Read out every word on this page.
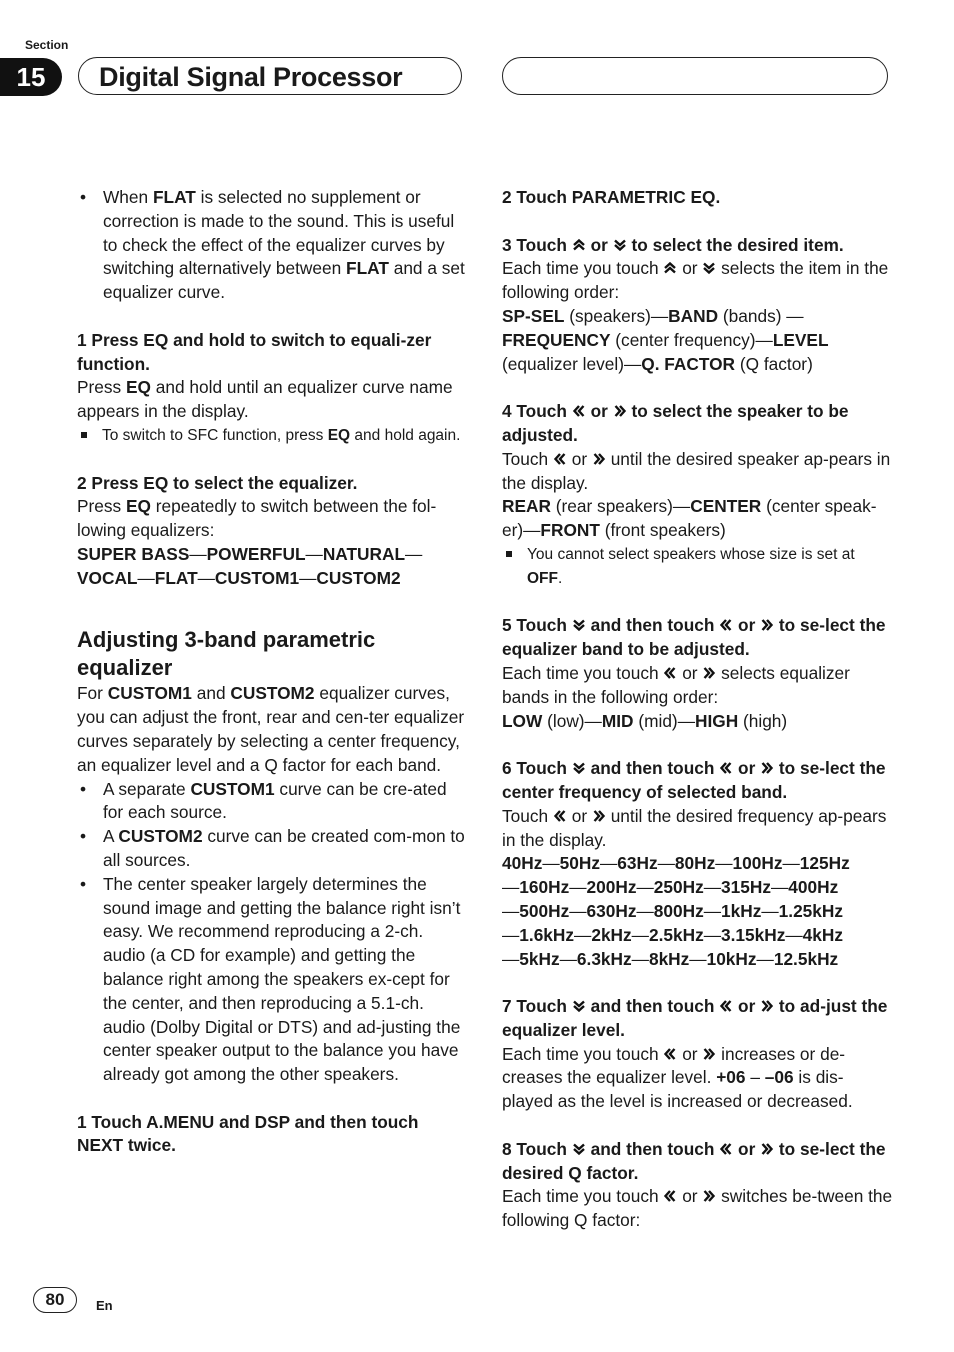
Section
15	Digital Signal Processor

• When FLAT is selected no supplement or correction is made to the sound. This is useful to check the effect of the equalizer curves by switching alternatively between FLAT and a set equalizer curve.

1 Press EQ and hold to switch to equali-zer function.

Press EQ and hold until an equalizer curve name appears in the display.

To switch to SFC function, press EQ and hold again.

2 Press EQ to select the equalizer.

Press EQ repeatedly to switch between the fol-lowing equalizers:

SUPER BASS—POWERFUL—NATURAL—
VOCAL—FLAT—CUSTOM1—CUSTOM2

Adjusting 3-band parametric equalizer

For CUSTOM1 and CUSTOM2 equalizer curves, you can adjust the front, rear and cen-ter equalizer curves separately by selecting a center frequency, an equalizer level and a Q factor for each band.

• A separate CUSTOM1 curve can be cre-ated for each source.

• A CUSTOM2 curve can be created com-mon to all sources.

• The center speaker largely determines the sound image and getting the balance right isn’t easy. We recommend reproducing a 2-ch. audio (a CD for example) and getting the balance right among the speakers ex-cept for the center, and then reproducing a 5.1-ch. audio (Dolby Digital or DTS) and ad-justing the center speaker output to the balance you have already got among the other speakers.

1 Touch A.MENU and DSP and then touch NEXT twice.

2 Touch PARAMETRIC EQ.

3 Touch  or  to select the desired item.

Each time you touch  or  selects the item in the following order:

SP-SEL (speakers)—BAND (bands) —FREQUENCY (center frequency)—LEVEL (equalizer level)—Q. FACTOR (Q factor)

4 Touch  or  to select the speaker to be adjusted.

Touch  or  until the desired speaker ap-pears in the display.

REAR (rear speakers)—CENTER (center speak-er)—FRONT (front speakers)

You cannot select speakers whose size is set at OFF.

5 Touch  and then touch  or  to se-lect the equalizer band to be adjusted.

Each time you touch  or  selects equalizer bands in the following order:

LOW (low)—MID (mid)—HIGH (high)

6 Touch  and then touch  or  to se-lect the center frequency of selected band.

Touch  or  until the desired frequency ap-pears in the display.

40Hz—50Hz—63Hz—80Hz—100Hz—125Hz
—160Hz—200Hz—250Hz—315Hz—400Hz
—500Hz—630Hz—800Hz—1kHz—1.25kHz
—1.6kHz—2kHz—2.5kHz—3.15kHz—4kHz
—5kHz—6.3kHz—8kHz—10kHz—12.5kHz

7 Touch  and then touch  or  to ad-just the equalizer level.

Each time you touch  or  increases or de-creases the equalizer level. +06 – –06 is dis-played as the level is increased or decreased.

8 Touch  and then touch  or  to se-lect the desired Q factor.

Each time you touch  or  switches be-tween the following Q factor:

80	En
